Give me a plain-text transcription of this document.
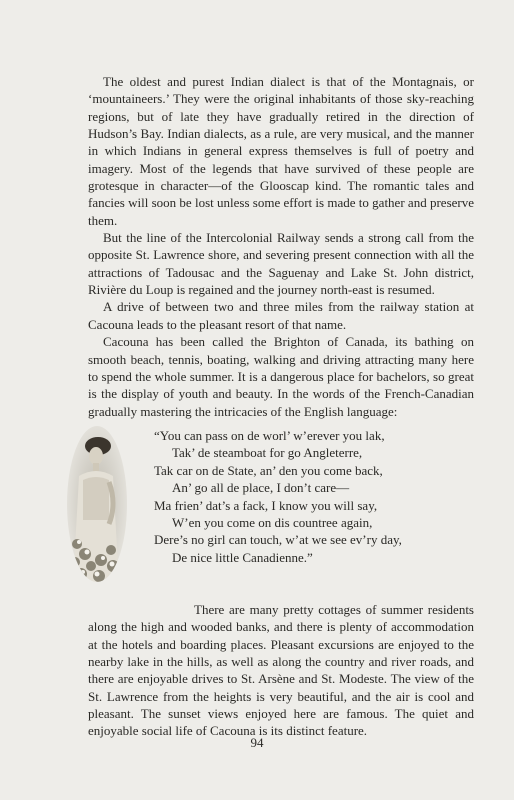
The oldest and purest Indian dialect is that of the Montagnais, or ‘mountaineers.’ They were the original inhabitants of those sky-reaching regions, but of late they have gradually retired in the direction of Hudson’s Bay. Indian dialects, as a rule, are very musical, and the manner in which Indians in general express themselves is full of poetry and imagery. Most of the legends that have survived of these people are grotesque in character—of the Glooscap kind. The romantic tales and fancies will soon be lost unless some effort is made to gather and preserve them.

But the line of the Intercolonial Railway sends a strong call from the opposite St. Lawrence shore, and severing present connection with all the attractions of Tadousac and the Saguenay and Lake St. John district, Rivière du Loup is regained and the journey north-east is resumed.

A drive of between two and three miles from the railway station at Cacouna leads to the pleasant resort of that name.

Cacouna has been called the Brighton of Canada, its bathing on smooth beach, tennis, boating, walking and driving attracting many here to spend the whole summer. It is a dangerous place for bachelors, so great is the display of youth and beauty. In the words of the French-Canadian gradually mastering the intricacies of the English language:

“You can pass on de worl’ w’erever you lak,
Tak’ de steamboat for go Angleterre,
Tak car on de State, an’ den you come back,
An’ go all de place, I don’t care—
Ma frien’ dat’s a fack, I know you will say,
W’en you come on dis countree again,
Dere’s no girl can touch, w’at we see ev’ry day,
De nice little Canadienne.”

There are many pretty cottages of summer residents along the high and wooded banks, and there is plenty of accommodation at the hotels and boarding places. Pleasant excursions are enjoyed to the nearby lake in the hills, as well as along the country and river roads, and there are enjoyable drives to St. Arsène and St. Modeste. The view of the St. Lawrence from the heights is very beautiful, and the air is cool and pleasant. The sunset views enjoyed here are famous. The quiet and enjoyable social life of Cacouna is its distinct feature.

94
